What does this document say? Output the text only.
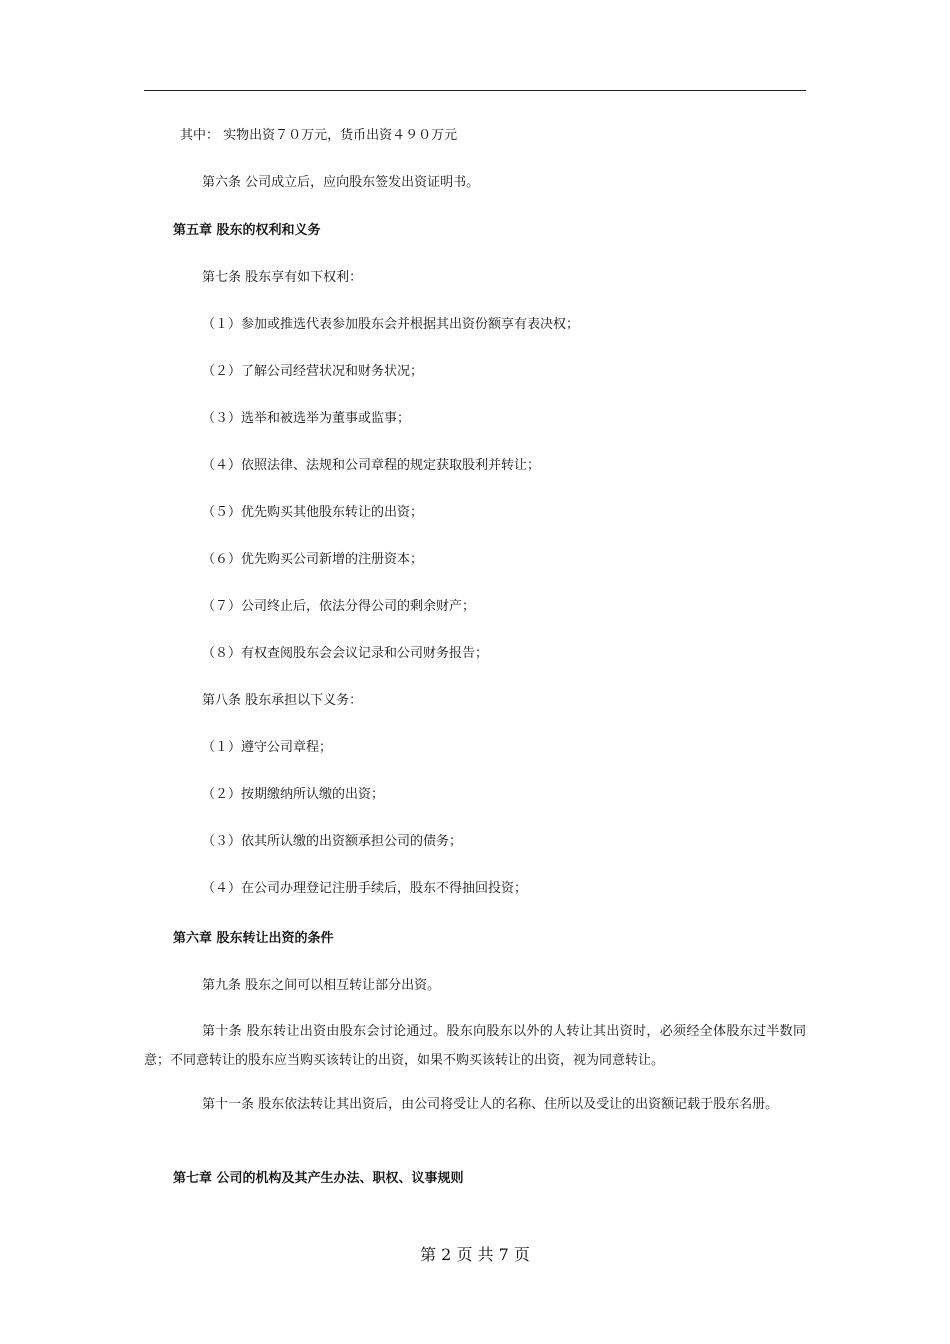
其中： 实物出资７０万元，货币出资４９０万元
第六条 公司成立后，应向股东签发出资证明书。
第五章 股东的权利和义务
第七条 股东享有如下权利：
（１）参加或推选代表参加股东会并根据其出资份额享有表决权；
（２）了解公司经营状况和财务状况；
（３）选举和被选举为董事或监事；
（４）依照法律、法规和公司章程的规定获取股利并转让；
（５）优先购买其他股东转让的出资；
（６）优先购买公司新增的注册资本；
（７）公司终止后，依法分得公司的剩余财产；
（８）有权查阅股东会会议记录和公司财务报告；
第八条 股东承担以下义务：
（１）遵守公司章程；
（２）按期缴纳所认缴的出资；
（３）依其所认缴的出资额承担公司的债务；
（４）在公司办理登记注册手续后，股东不得抽回投资；
第六章 股东转让出资的条件
第九条 股东之间可以相互转让部分出资。
第十条 股东转让出资由股东会讨论通过。股东向股东以外的人转让其出资时，必须经全体股东过半数同意；不同意转让的股东应当购买该转让的出资，如果不购买该转让的出资，视为同意转让。
第十一条 股东依法转让其出资后，由公司将受让人的名称、住所以及受让的出资额记载于股东名册。
第七章 公司的机构及其产生办法、职权、议事规则
第 2 页 共 7 页
